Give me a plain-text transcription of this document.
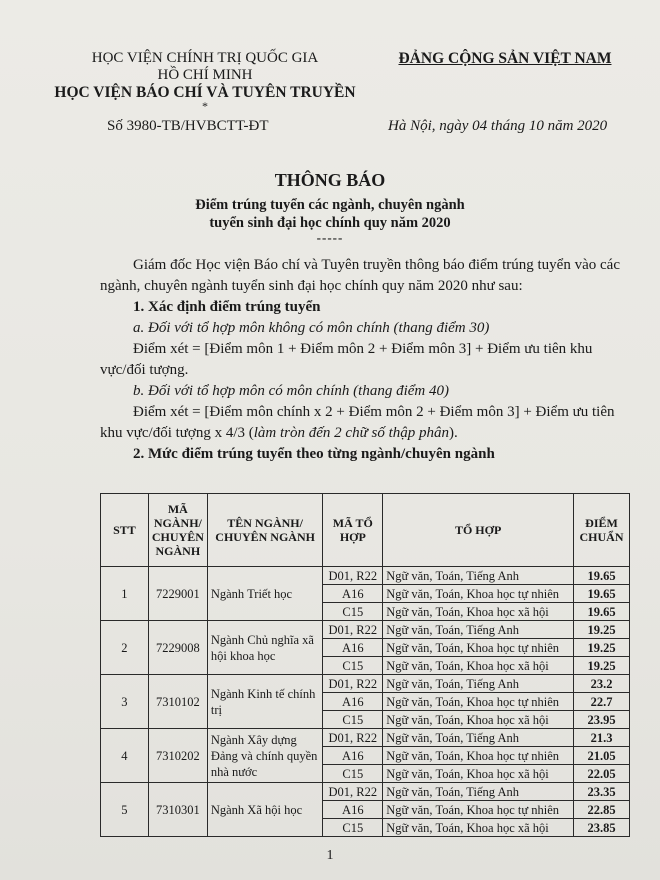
HỌC VIỆN CHÍNH TRỊ QUỐC GIA
HỒ CHÍ MINH
HỌC VIỆN BÁO CHÍ VÀ TUYÊN TRUYỀN
*
ĐẢNG CỘNG SẢN VIỆT NAM
Số 3980-TB/HVBCTT-ĐT	Hà Nội, ngày 04 tháng 10 năm 2020
THÔNG BÁO
Điểm trúng tuyển các ngành, chuyên ngành
tuyển sinh đại học chính quy năm 2020
-----

Giám đốc Học viện Báo chí và Tuyên truyền thông báo điểm trúng tuyển vào các ngành, chuyên ngành tuyển sinh đại học chính quy năm 2020 như sau:

1. Xác định điểm trúng tuyển

a. Đối với tổ hợp môn không có môn chính (thang điểm 30)

Điểm xét = [Điểm môn 1 + Điểm môn 2 + Điểm môn 3] + Điểm ưu tiên khu vực/đối tượng.

b. Đối với tổ hợp môn có môn chính (thang điểm 40)

Điểm xét = [Điểm môn chính x 2 + Điểm môn 2 + Điểm môn 3] + Điểm ưu tiên khu vực/đối tượng x 4/3 (làm tròn đến 2 chữ số thập phân).

2. Mức điểm trúng tuyển theo từng ngành/chuyên ngành

STT	MÃ NGÀNH/ CHUYÊN NGÀNH	TÊN NGÀNH/ CHUYÊN NGÀNH	MÃ TỔ HỢP	TỔ HỢP	ĐIỂM CHUẨN
1	7229001	Ngành Triết học	D01, R22	Ngữ văn, Toán, Tiếng Anh	19.65
			A16	Ngữ văn, Toán, Khoa học tự nhiên	19.65
			C15	Ngữ văn, Toán, Khoa học xã hội	19.65
2	7229008	Ngành Chủ nghĩa xã hội khoa học	D01, R22	Ngữ văn, Toán, Tiếng Anh	19.25
			A16	Ngữ văn, Toán, Khoa học tự nhiên	19.25
			C15	Ngữ văn, Toán, Khoa học xã hội	19.25
3	7310102	Ngành Kinh tế chính trị	D01, R22	Ngữ văn, Toán, Tiếng Anh	23.2
			A16	Ngữ văn, Toán, Khoa học tự nhiên	22.7
			C15	Ngữ văn, Toán, Khoa học xã hội	23.95
4	7310202	Ngành Xây dựng Đảng và chính quyền nhà nước	D01, R22	Ngữ văn, Toán, Tiếng Anh	21.3
			A16	Ngữ văn, Toán, Khoa học tự nhiên	21.05
			C15	Ngữ văn, Toán, Khoa học xã hội	22.05
5	7310301	Ngành Xã hội học	D01, R22	Ngữ văn, Toán, Tiếng Anh	23.35
			A16	Ngữ văn, Toán, Khoa học tự nhiên	22.85
			C15	Ngữ văn, Toán, Khoa học xã hội	23.85
1
